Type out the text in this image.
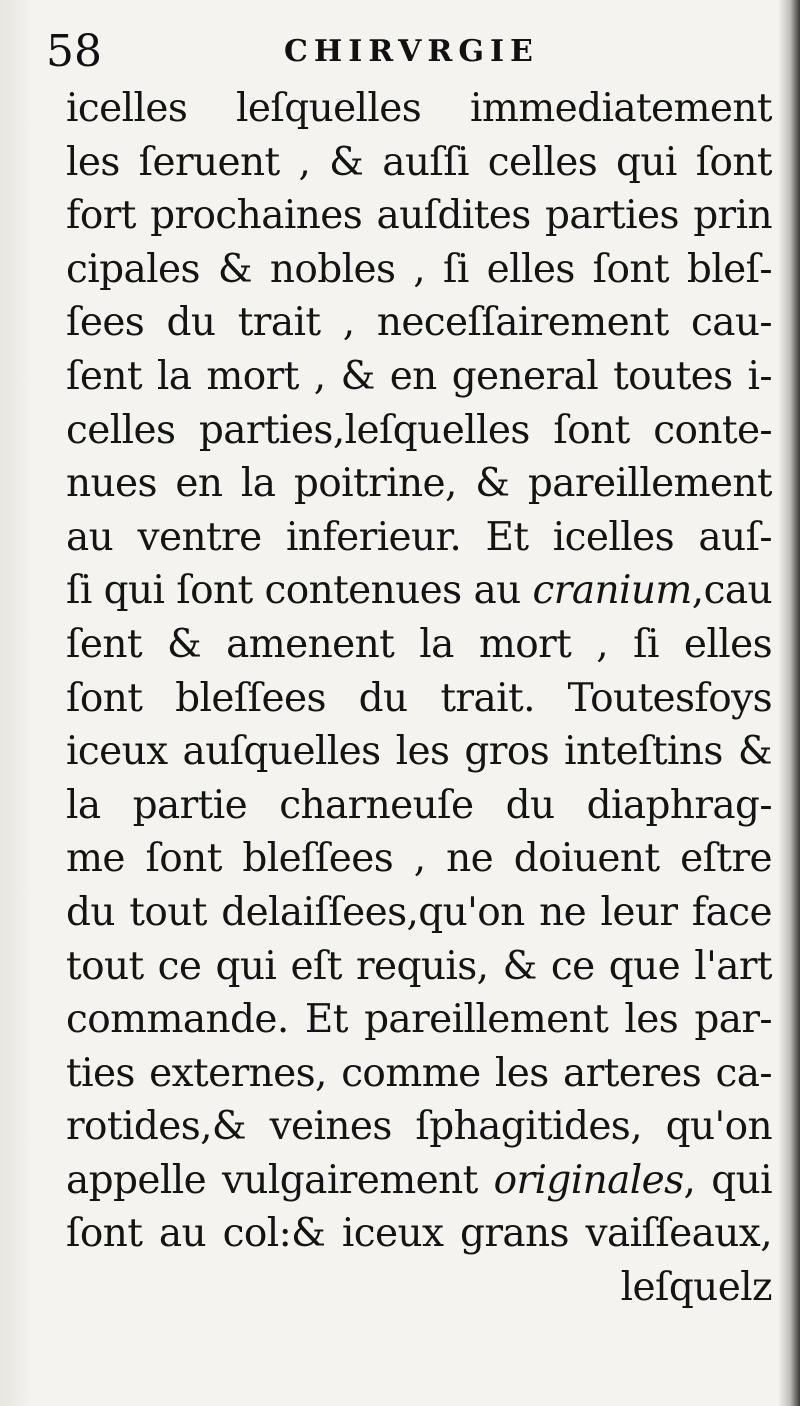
58	CHIRVRGIE
icelles leſquelles immediatement
les ſeruent , & auſſi celles qui ſont
fort prochaines auſdites parties prin
cipales & nobles , ſi elles ſont bleſ-
ſees du trait , neceſſairement cau-
ſent la mort , & en general toutes i-
celles parties,leſquelles ſont conte-
nues en la poitrine, & pareillement
au ventre inferieur. Et icelles auſ-
ſi qui ſont contenues au cranium,cau
ſent & amenent la mort , ſi elles
ſont bleſſees du trait. Toutesfoys
iceux auſquelles les gros inteſtins &
la partie charneuſe du diaphrag-
me ſont bleſſees , ne doiuent eſtre
du tout delaiſſees,qu'on ne leur face
tout ce qui eſt requis, & ce que l'art
commande. Et pareillement les par-
ties externes, comme les arteres ca-
rotides,& veines ſphagitides, qu'on
appelle vulgairement originales, qui
ſont au col:& iceux grans vaiſſeaux,
leſquelz
